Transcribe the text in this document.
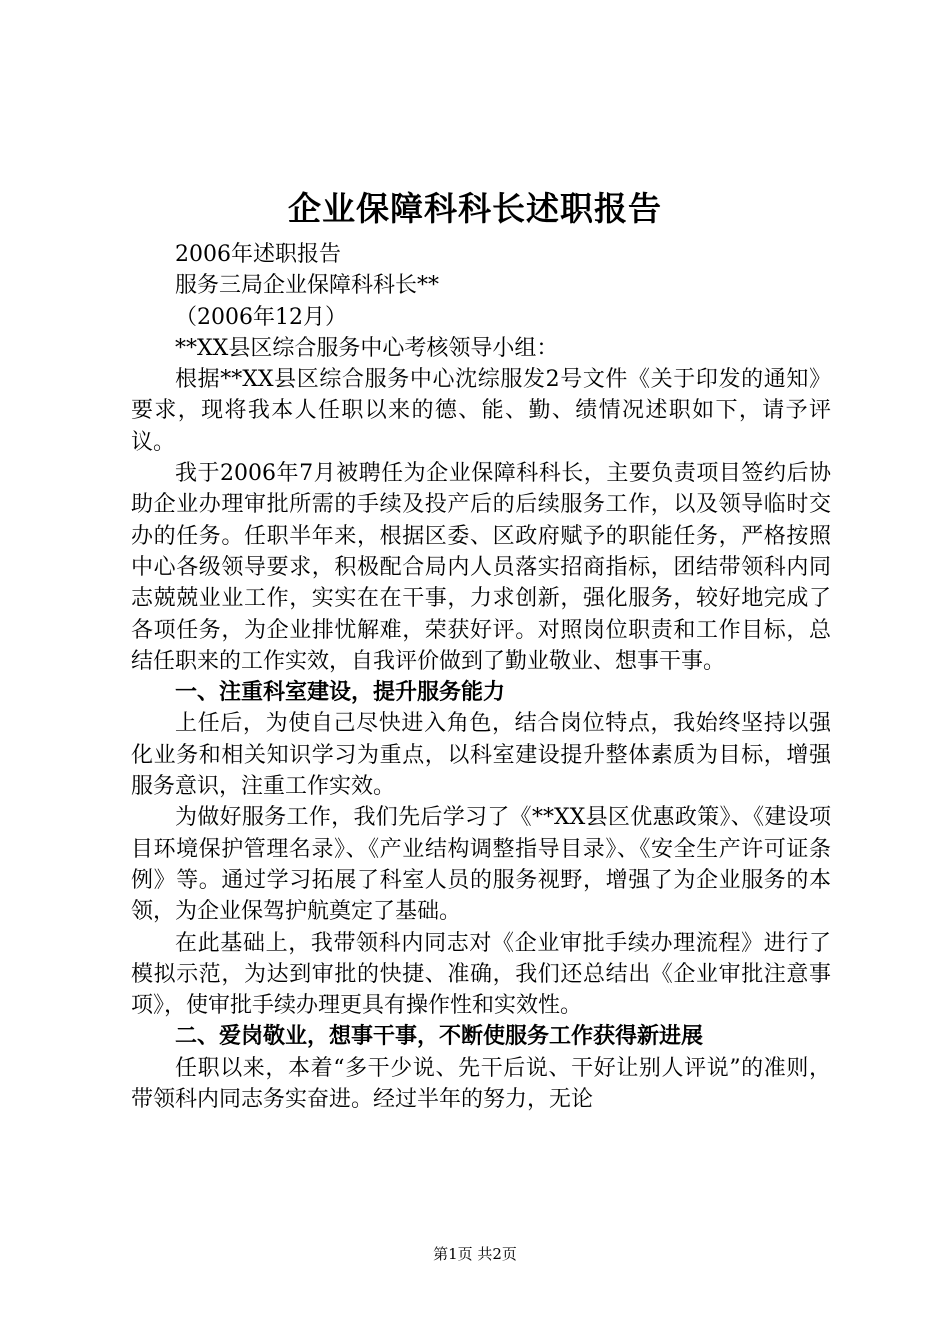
企业保障科科长述职报告

2006年述职报告

服务三局企业保障科科长**

（2006年12月）

**XX县区综合服务中心考核领导小组：

根据**XX县区综合服务中心沈综服发2号文件《关于印发的通知》要求，现将我本人任职以来的德、能、勤、绩情况述职如下，请予评议。

我于2006年7月被聘任为企业保障科科长，主要负责项目签约后协助企业办理审批所需的手续及投产后的后续服务工作，以及领导临时交办的任务。任职半年来，根据区委、区政府赋予的职能任务，严格按照中心各级领导要求，积极配合局内人员落实招商指标，团结带领科内同志兢兢业业工作，实实在在干事，力求创新，强化服务，较好地完成了各项任务，为企业排忧解难，荣获好评。对照岗位职责和工作目标，总结任职来的工作实效，自我评价做到了勤业敬业、想事干事。

一、注重科室建设，提升服务能力

上任后，为使自己尽快进入角色，结合岗位特点，我始终坚持以强化业务和相关知识学习为重点，以科室建设提升整体素质为目标，增强服务意识，注重工作实效。

为做好服务工作，我们先后学习了《**XX县区优惠政策》、《建设项目环境保护管理名录》、《产业结构调整指导目录》、《安全生产许可证条例》等。通过学习拓展了科室人员的服务视野，增强了为企业服务的本领，为企业保驾护航奠定了基础。

在此基础上，我带领科内同志对《企业审批手续办理流程》进行了模拟示范，为达到审批的快捷、准确，我们还总结出《企业审批注意事项》，使审批手续办理更具有操作性和实效性。

二、爱岗敬业，想事干事，不断使服务工作获得新进展

任职以来，本着“多干少说、先干后说、干好让别人评说”的准则，带领科内同志务实奋进。经过半年的努力，无论

第1页 共2页
